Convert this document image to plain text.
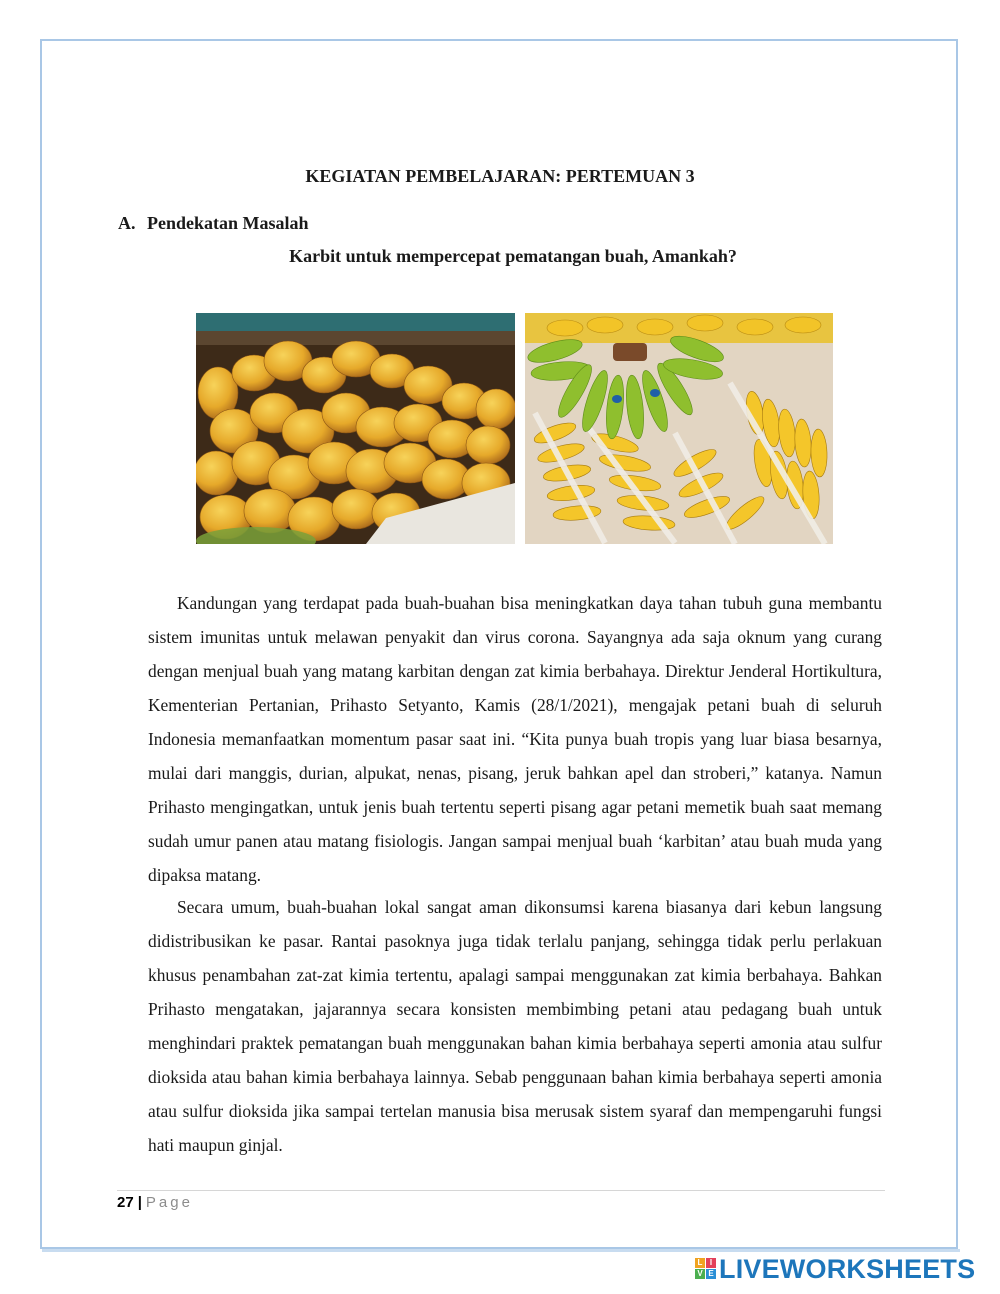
KEGIATAN PEMBELAJARAN: PERTEMUAN 3
A. Pendekatan Masalah
Karbit untuk mempercepat pematangan buah, Amankah?

Kandungan yang terdapat pada buah-buahan bisa meningkatkan daya tahan tubuh guna membantu sistem imunitas untuk melawan penyakit dan virus corona. Sayangnya ada saja oknum yang curang dengan menjual buah yang matang karbitan dengan zat kimia berbahaya. Direktur Jenderal Hortikultura, Kementerian Pertanian, Prihasto Setyanto, Kamis (28/1/2021), mengajak petani buah di seluruh Indonesia memanfaatkan momentum pasar saat ini. “Kita punya buah tropis yang luar biasa besarnya, mulai dari manggis, durian, alpukat, nenas, pisang, jeruk bahkan apel dan stroberi,” katanya. Namun Prihasto mengingatkan, untuk jenis buah tertentu seperti pisang agar petani memetik buah saat memang sudah umur panen atau matang fisiologis. Jangan sampai menjual buah ‘karbitan’ atau buah muda yang dipaksa matang.

Secara umum, buah-buahan lokal sangat aman dikonsumsi karena biasanya dari kebun langsung didistribusikan ke pasar. Rantai pasoknya juga tidak terlalu panjang, sehingga tidak perlu perlakuan khusus penambahan zat-zat kimia tertentu, apalagi sampai menggunakan zat kimia berbahaya. Bahkan Prihasto mengatakan, jajarannya secara konsisten membimbing petani atau pedagang buah untuk menghindari praktek pematangan buah menggunakan bahan kimia berbahaya seperti amonia atau sulfur dioksida atau bahan kimia berbahaya lainnya. Sebab penggunaan bahan kimia berbahaya seperti amonia atau sulfur dioksida jika sampai tertelan manusia bisa merusak sistem syaraf dan mempengaruhi fungsi hati maupun ginjal.

27 | Page
L I
V E LIVEWORKSHEETS
